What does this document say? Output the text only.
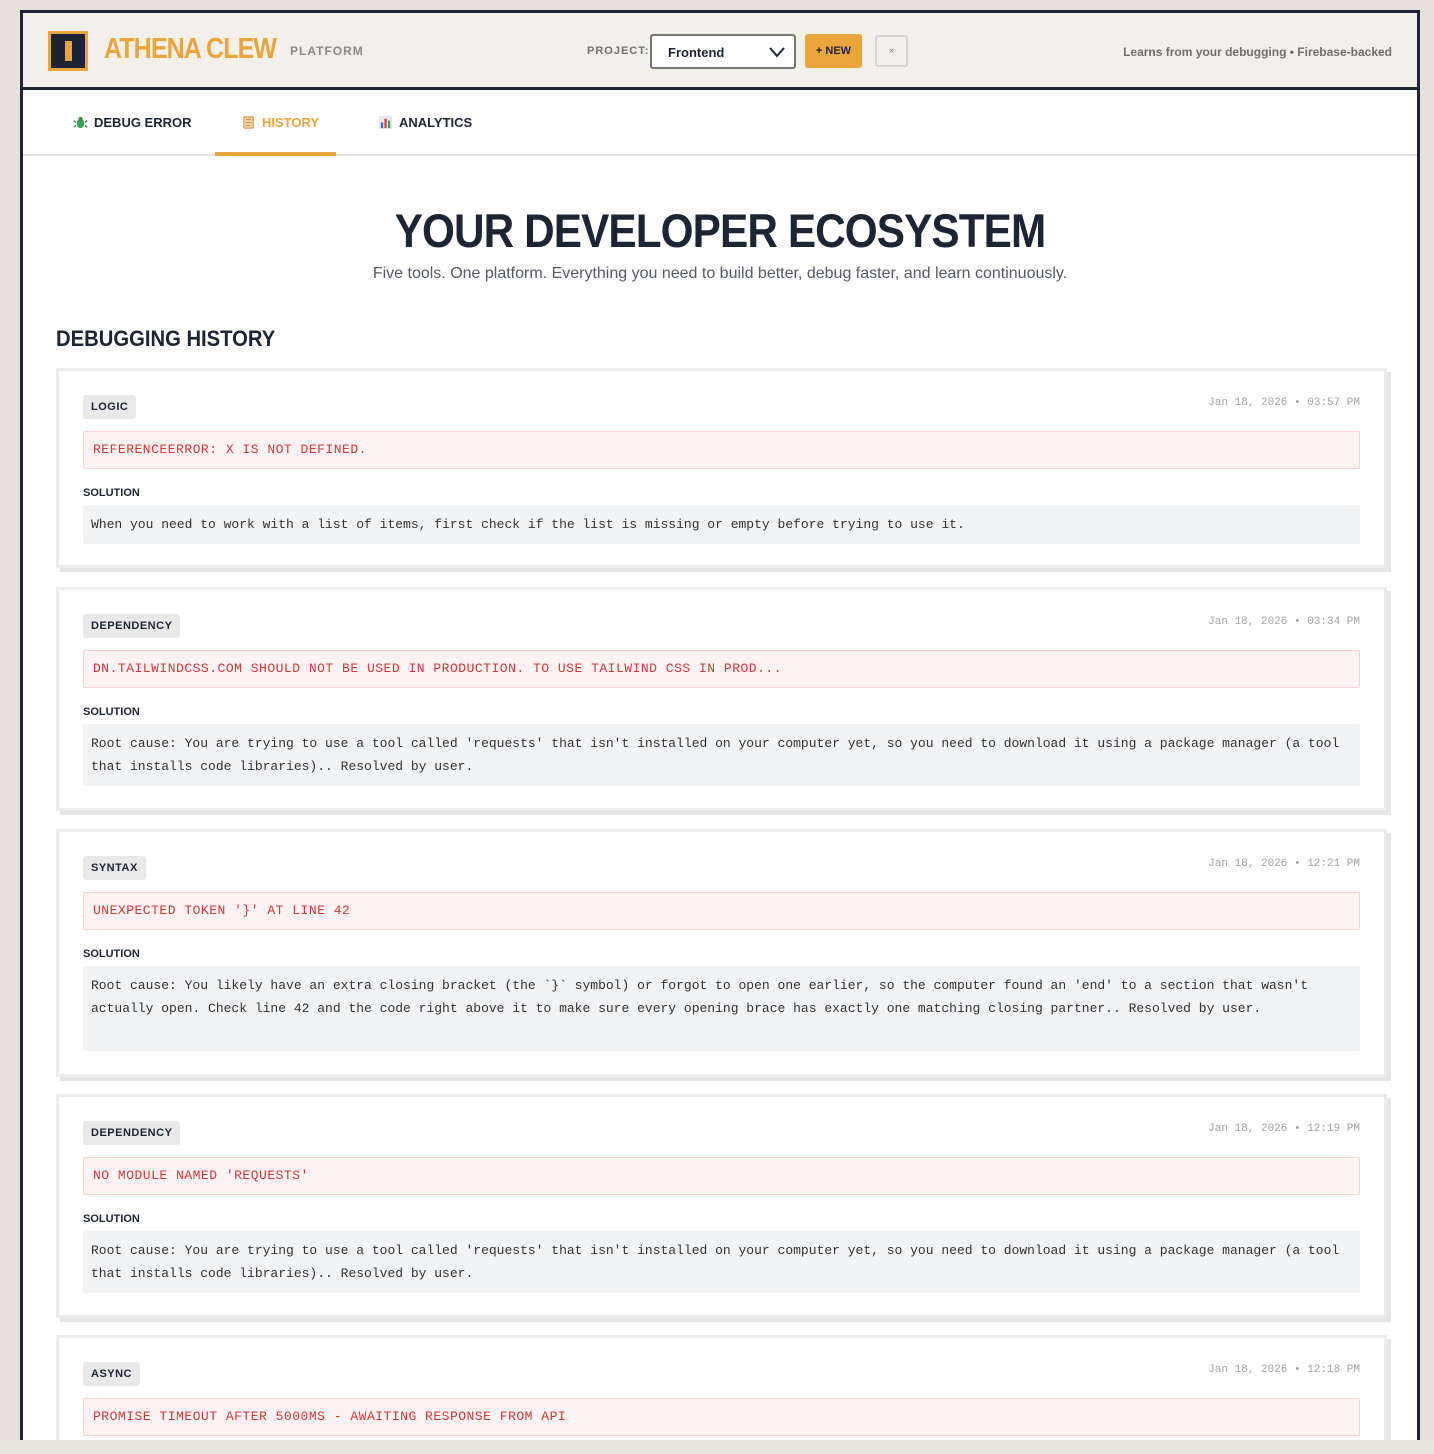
ATHENA CLEW PLATFORM	PROJECT:	Frontend	+ NEW	×	Learns from your debugging • Firebase-backed
DEBUG ERROR	HISTORY	ANALYTICS
YOUR DEVELOPER ECOSYSTEM
Five tools. One platform. Everything you need to build better, debug faster, and learn continuously.
DEBUGGING HISTORY
LOGIC	Jan 18, 2026 • 03:57 PM
REFERENCEERROR: X IS NOT DEFINED.
SOLUTION
When you need to work with a list of items, first check if the list is missing or empty before trying to use it.
DEPENDENCY	Jan 18, 2026 • 03:34 PM
DN.TAILWINDCSS.COM SHOULD NOT BE USED IN PRODUCTION. TO USE TAILWIND CSS IN PROD...
SOLUTION
Root cause: You are trying to use a tool called 'requests' that isn't installed on your computer yet, so you need to download it using a package manager (a tool that installs code libraries).. Resolved by user.
SYNTAX	Jan 18, 2026 • 12:21 PM
UNEXPECTED TOKEN '}' AT LINE 42
SOLUTION
Root cause: You likely have an extra closing bracket (the `}` symbol) or forgot to open one earlier, so the computer found an 'end' to a section that wasn't actually open. Check line 42 and the code right above it to make sure every opening brace has exactly one matching closing partner.. Resolved by user.
DEPENDENCY	Jan 18, 2026 • 12:19 PM
NO MODULE NAMED 'REQUESTS'
SOLUTION
Root cause: You are trying to use a tool called 'requests' that isn't installed on your computer yet, so you need to download it using a package manager (a tool that installs code libraries).. Resolved by user.
ASYNC	Jan 18, 2026 • 12:18 PM
PROMISE TIMEOUT AFTER 5000MS - AWAITING RESPONSE FROM API
